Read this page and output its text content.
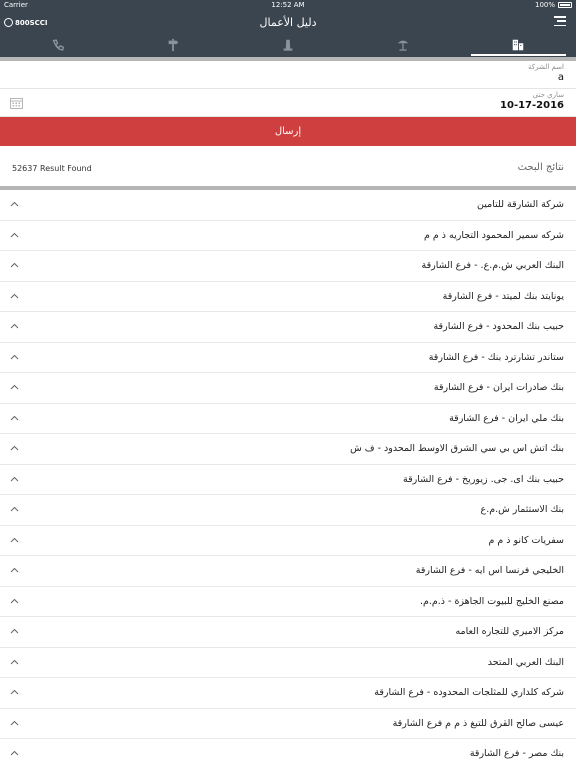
Carrier	12:52 AM	100%
800SCCI	دليل الأعمال
اسم الشركة
a
ساري حتى
10-17-2016
إرسال
52637 Result Found	نتائج البحث
شركة الشارقة للتامين
شركه سمير المحمود التجاريه ذ م م
البنك العربي ش.م.ع. - فرع الشارقة
يونايتد بنك لميتد - فرع الشارقة
حبيب بنك المحدود - فرع الشارقة
ستاندر تشارترد بنك - فرع الشارقة
بنك صادرات ايران - فرع الشارقة
بنك ملي ايران - فرع الشارقة
بنك اتش اس بي سي الشرق الاوسط المحدود - ف ش
حبيب بنك اى. جى. زيوريخ - فرع الشارقة
بنك الاستثمار ش.م.ع
سفريات كانو ذ م م
الخليجي فرنسا اس ايه - فرع الشارقة
مصنع الخليج للبيوت الجاهزة - ذ.م.م.
مركز الاميري للتجاره العامه
البنك العربي المتحد
شركه كلداري للمثلجات المحدوده - فرع الشارقة
عيسى صالح القرق للتبغ ذ م م فرع الشارقة
بنك مصر - فرع الشارقة
